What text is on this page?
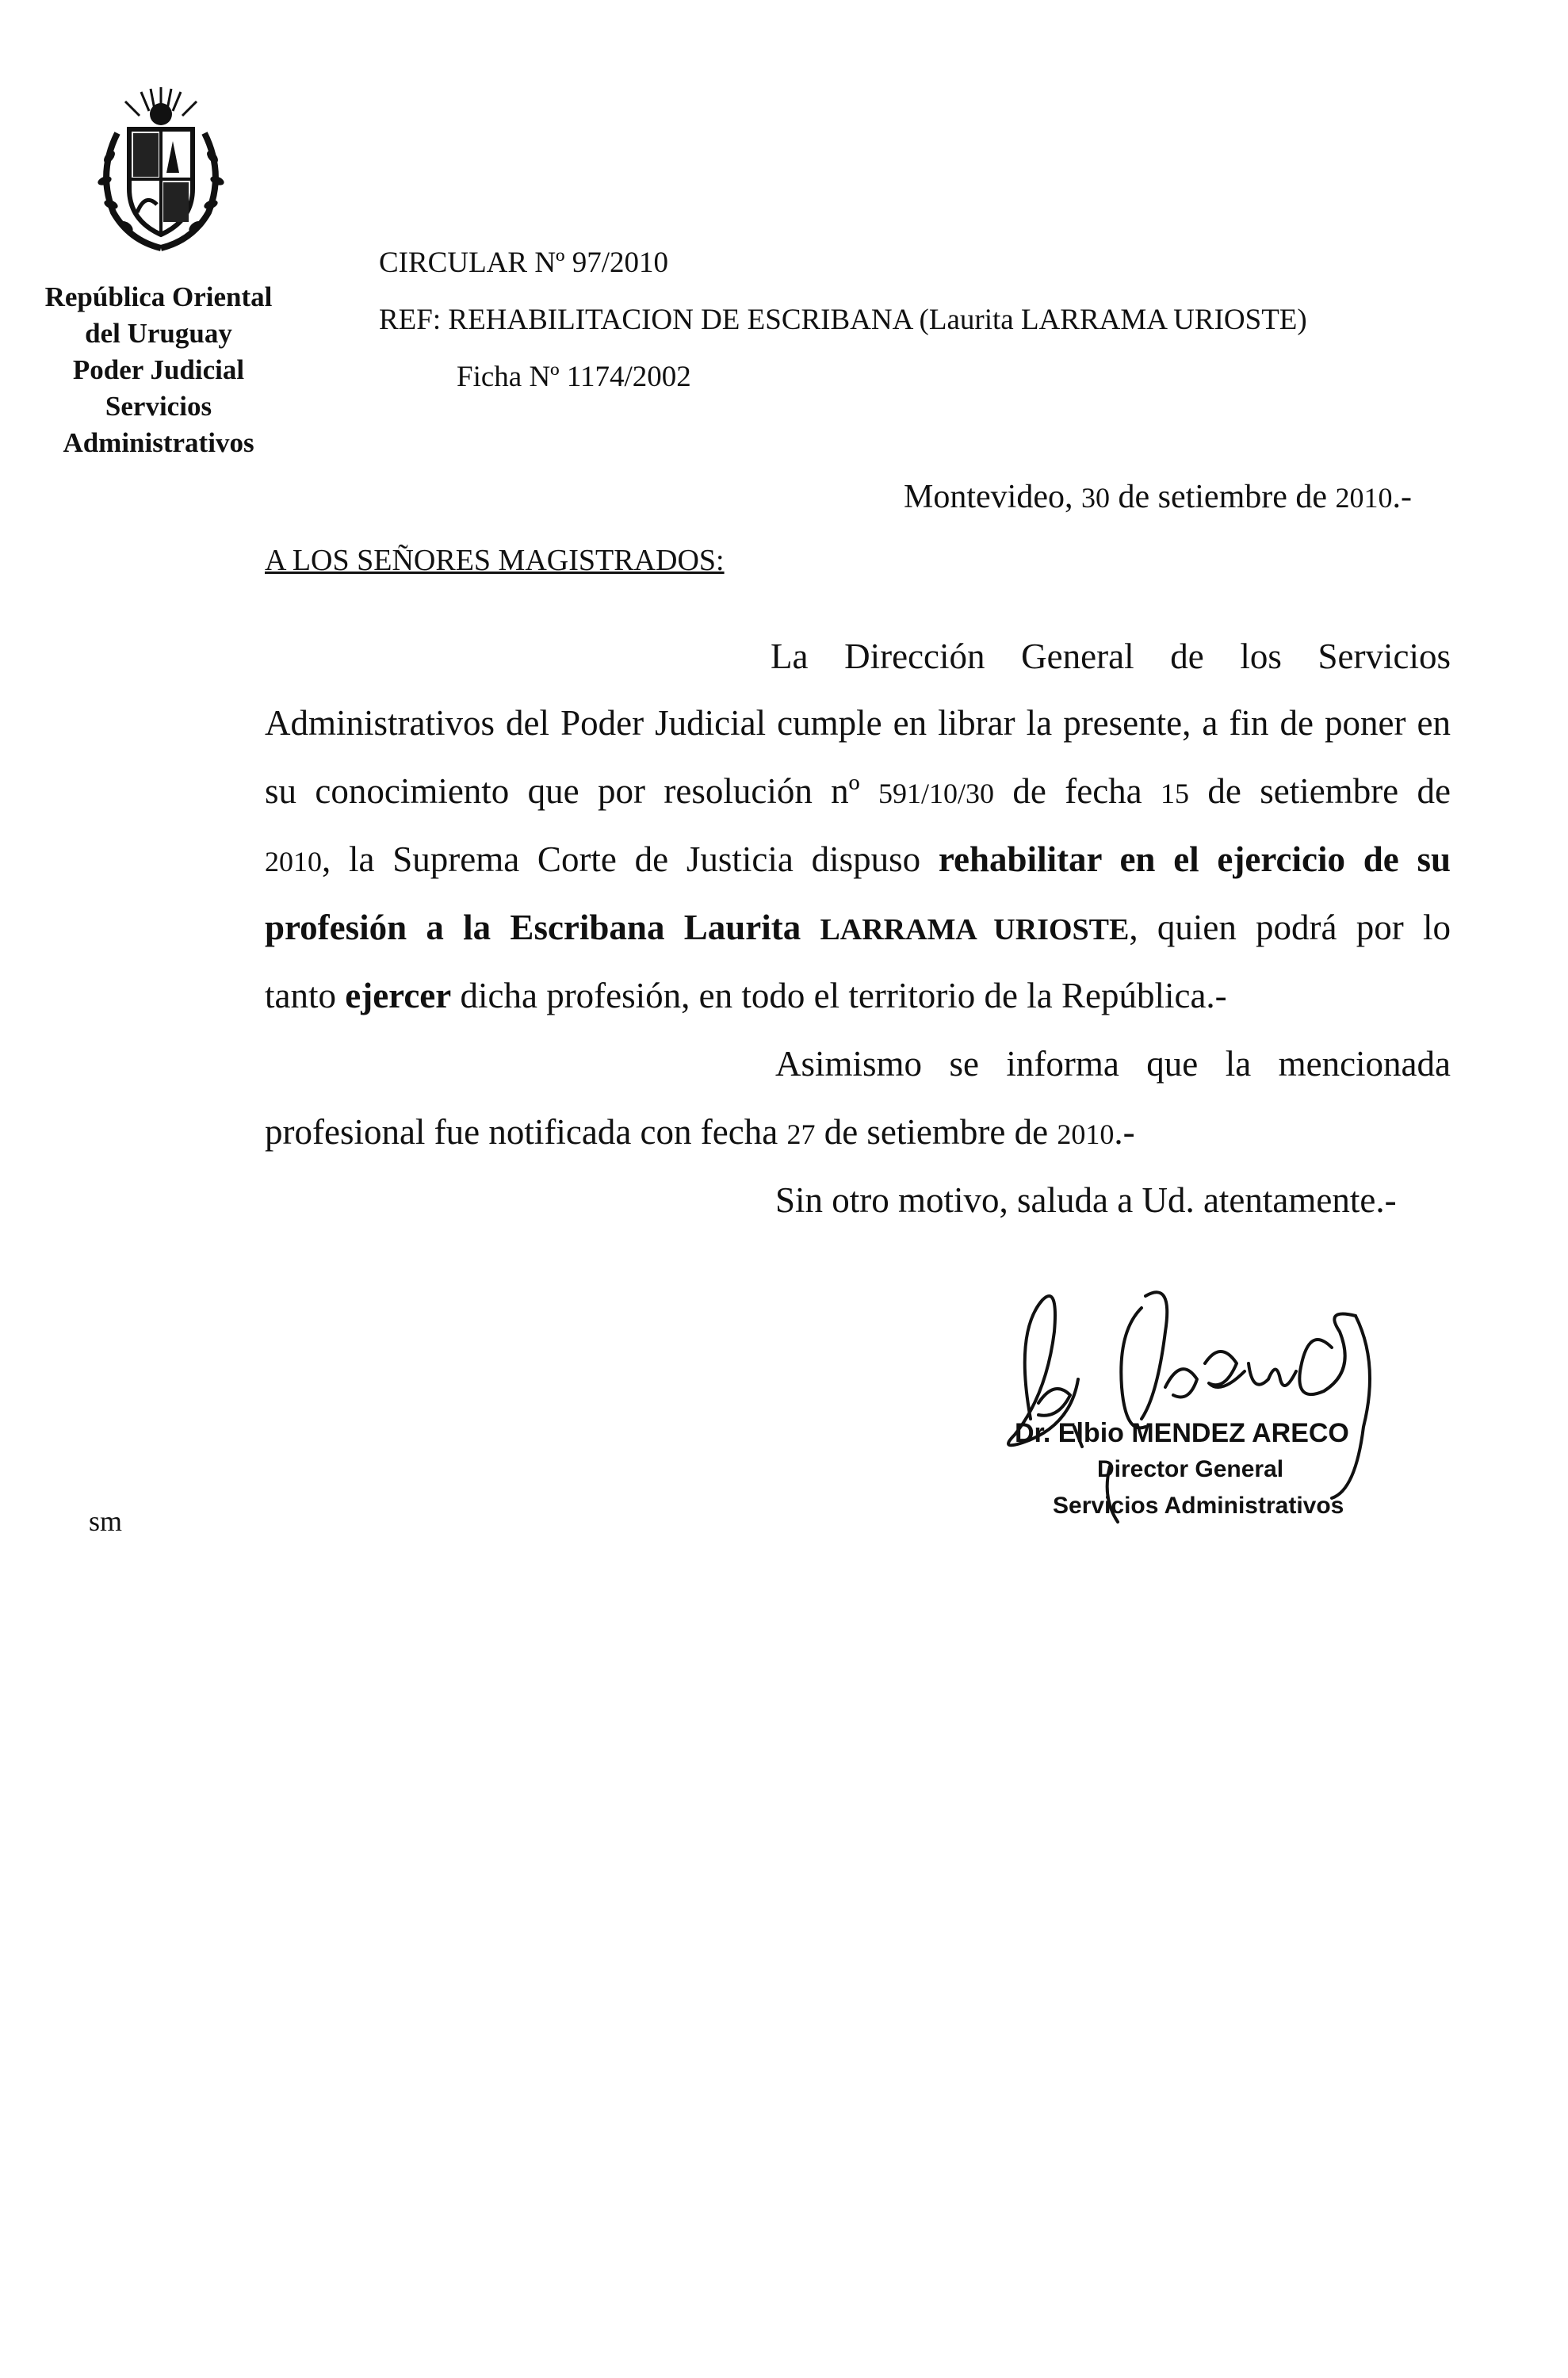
República Oriental
del Uruguay
Poder Judicial
Servicios
Administrativos
CIRCULAR Nº 97/2010
REF: REHABILITACION DE ESCRIBANA (Laurita LARRAMA URIOSTE)
Ficha Nº 1174/2002
Montevideo, 30 de setiembre de 2010.-
A LOS SEÑORES MAGISTRADOS:
La Dirección General de los Servicios
Administrativos del Poder Judicial cumple en librar la presente, a fin de poner en
su conocimiento que por resolución nº 591/10/30 de fecha 15 de setiembre de
2010, la Suprema Corte de Justicia dispuso rehabilitar en el ejercicio de su
profesión a la Escribana Laurita LARRAMA URIOSTE, quien podrá por lo
tanto ejercer dicha profesión, en todo el territorio de la República.-
Asimismo se informa que la mencionada
profesional fue notificada con fecha 27 de setiembre de 2010.-
Sin otro motivo, saluda a Ud. atentamente.-
Dr. Elbio MENDEZ ARECO
Director General
Servicios Administrativos
sm
